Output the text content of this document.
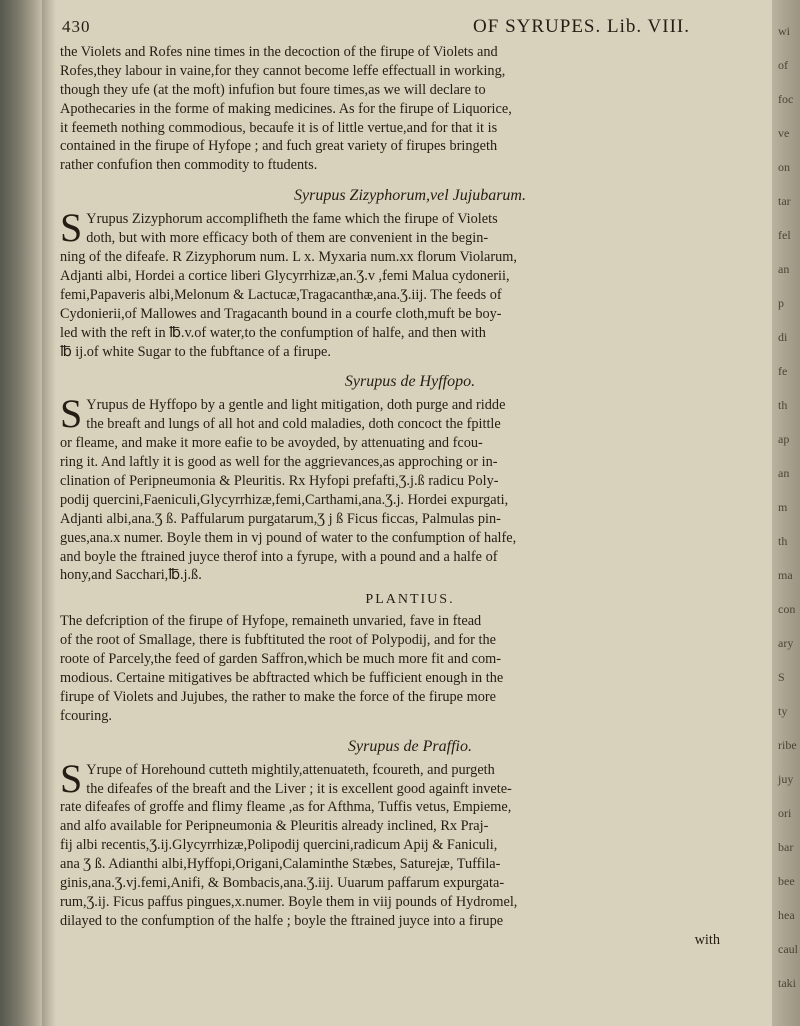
wi
of
foc
ve
on
tar
fel
an
p
di
fe
th
ap
an
m
th
ma
con
ary
S
ty
ribe
juy
ori
bar
bee
hea
caul
taki
430	OF SYRUPES. Lib. VIII.
the Violets and Rofes nine times in the decoction of the firupe of Violets and
Rofes,they labour in vaine,for they cannot become leffe effectuall in working,
though they ufe (at the moft) infufion but foure times,as we will declare to
Apothecaries in the forme of making medicines. As for the firupe of Liquorice,
it feemeth nothing commodious, becaufe it is of little vertue,and for that it is
contained in the firupe of Hyfope ; and fuch great variety of firupes bringeth
rather confufion then commodity to ftudents.
Syrupus Zizyphorum,vel Jujubarum.
S Yrupus Zizyphorum accomplifheth the fame which the firupe of Violets
doth, but with more efficacy both of them are convenient in the begin-
ning of the difeafe. R Zizyphorum num. L x. Myxaria num.xx florum Violarum,
Adjanti albi, Hordei a cortice liberi Glycyrrhizæ,an.Ʒ.v ,femi Malua cydonerii,
femi,Papaveris albi,Melonum & Lactucæ,Tragacanthæ,ana.Ʒ.iij. The feeds of
Cydonierii,of Mallowes and Tragacanth bound in a courfe cloth,muft be boy-
led with the reft in ℔.v.of water,to the confumption of halfe, and then with
℔ ij.of white Sugar to the fubftance of a firupe.
Syrupus de Hyffopo.
S Yrupus de Hyffopo by a gentle and light mitigation, doth purge and ridde
the breaft and lungs of all hot and cold maladies, doth concoct the fpittle
or fleame, and make it more eafie to be avoyded, by attenuating and fcou-
ring it. And laftly it is good as well for the aggrievances,as approching or in-
clination of Peripneumonia & Pleuritis. Rx Hyfopi prefafti,Ʒ.j.ß radicu Poly-
podij quercini,Faeniculi,Glycyrrhizæ,femi,Carthami,ana.Ʒ.j. Hordei expurgati,
Adjanti albi,ana.Ʒ ß. Paffularum purgatarum,Ʒ j ß Ficus ficcas, Palmulas pin-
gues,ana.x numer. Boyle them in vj pound of water to the confumption of halfe,
and boyle the ftrained juyce therof into a fyrupe, with a pound and a halfe of
hony,and Sacchari,℔.j.ß.
PLANTIUS.
The defcription of the firupe of Hyfope, remaineth unvaried, fave in ftead
of the root of Smallage, there is fubftituted the root of Polypodij, and for the
roote of Parcely,the feed of garden Saffron,which be much more fit and com-
modious. Certaine mitigatives be abftracted which be fufficient enough in the
firupe of Violets and Jujubes, the rather to make the force of the firupe more
fcouring.
Syrupus de Praffio.
S Yrupe of Horehound cutteth mightily,attenuateth, fcoureth, and purgeth
the difeafes of the breaft and the Liver ; it is excellent good againft invete-
rate difeafes of groffe and flimy fleame ,as for Afthma, Tuffis vetus, Empieme,
and alfo available for Peripneumonia & Pleuritis already inclined, Rx Praj-
fij albi recentis,Ʒ.ij.Glycyrrhizæ,Polipodij quercini,radicum Apij & Faniculi,
ana Ʒ ß. Adianthi albi,Hyffopi,Origani,Calaminthe Stæbes, Saturejæ, Tuffila-
ginis,ana.Ʒ.vj.femi,Anifi, & Bombacis,ana.Ʒ.iij. Uuarum paffarum expurgata-
rum,Ʒ.ij. Ficus paffus pingues,x.numer. Boyle them in viij pounds of Hydromel,
dilayed to the confumption of the halfe ; boyle the ftrained juyce into a firupe
with
